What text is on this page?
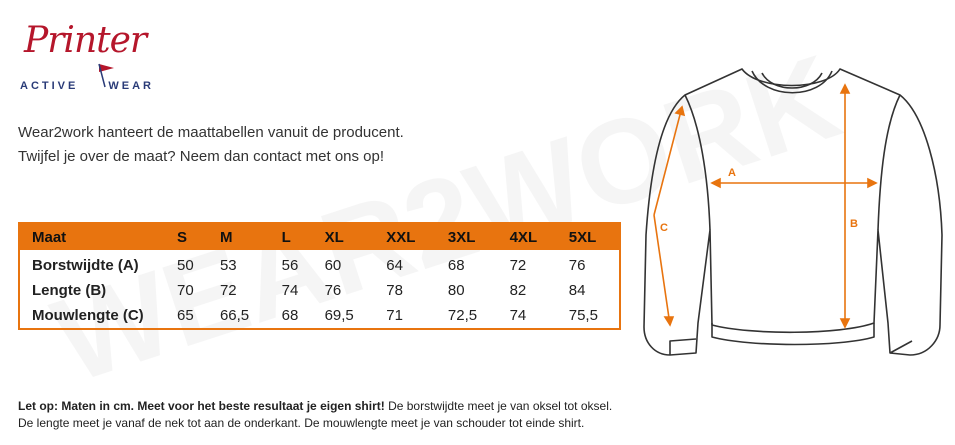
Printer
ACTIVE	WEAR
Wear2work hanteert de maattabellen vanuit de producent.
Twijfel je over de maat? Neem dan contact met ons op!
Maat	S	M	L	XL	XXL	3XL	4XL	5XL
Borstwijdte (A)	50	53	56	60	64	68	72	76
Lengte (B)	70	72	74	76	78	80	82	84
Mouwlengte (C)	65	66,5	68	69,5	71	72,5	74	75,5
A
B
C
Let op: Maten in cm. Meet voor het beste resultaat je eigen shirt! De borstwijdte meet je van oksel tot oksel.
De lengte meet je vanaf de nek tot aan de onderkant. De mouwlengte meet je van schouder tot einde shirt.
